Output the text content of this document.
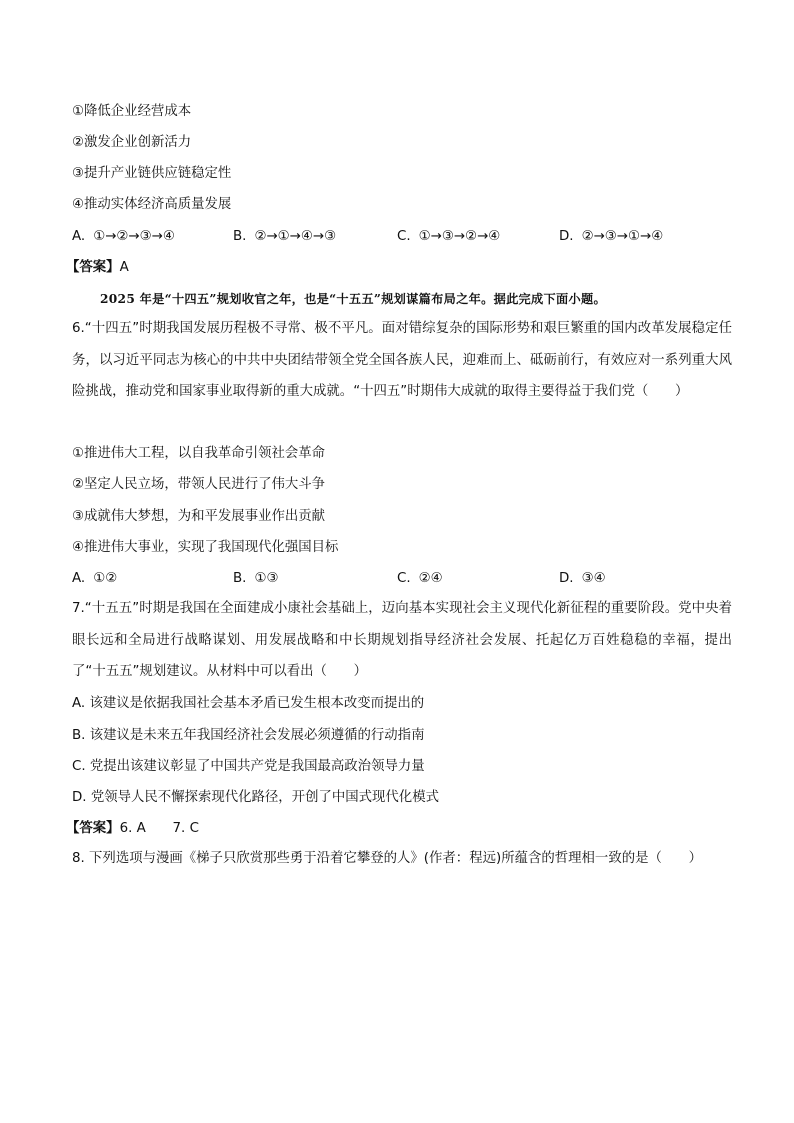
①降低企业经营成本
②激发企业创新活力
③提升产业链供应链稳定性
④推动实体经济高质量发展
A. ①→②→③→④	B. ②→①→④→③	C. ①→③→②→④	D. ②→③→①→④
【答案】A
2025 年是“十四五”规划收官之年，也是“十五五”规划谋篇布局之年。据此完成下面小题。
6.“十四五”时期我国发展历程极不寻常、极不平凡。面对错综复杂的国际形势和艰巨繁重的国内改革发展稳定任务，以习近平同志为核心的中共中央团结带领全党全国各族人民，迎难而上、砥砺前行，有效应对一系列重大风险挑战，推动党和国家事业取得新的重大成就。“十四五”时期伟大成就的取得主要得益于我们党（　　）
①推进伟大工程，以自我革命引领社会革命
②坚定人民立场，带领人民进行了伟大斗争
③成就伟大梦想，为和平发展事业作出贡献
④推进伟大事业，实现了我国现代化强国目标
A. ①②	B. ①③	C. ②④	D. ③④
7.“十五五”时期是我国在全面建成小康社会基础上，迈向基本实现社会主义现代化新征程的重要阶段。党中央着眼长远和全局进行战略谋划、用发展战略和中长期规划指导经济社会发展、托起亿万百姓稳稳的幸福，提出了“十五五”规划建议。从材料中可以看出（　　）
A. 该建议是依据我国社会基本矛盾已发生根本改变而提出的
B. 该建议是未来五年我国经济社会发展必须遵循的行动指南
C. 党提出该建议彰显了中国共产党是我国最高政治领导力量
D. 党领导人民不懈探索现代化路径，开创了中国式现代化模式
【答案】6. A　　7. C
8. 下列选项与漫画《梯子只欣赏那些勇于沿着它攀登的人》(作者：程远)所蕴含的哲理相一致的是（　　）
